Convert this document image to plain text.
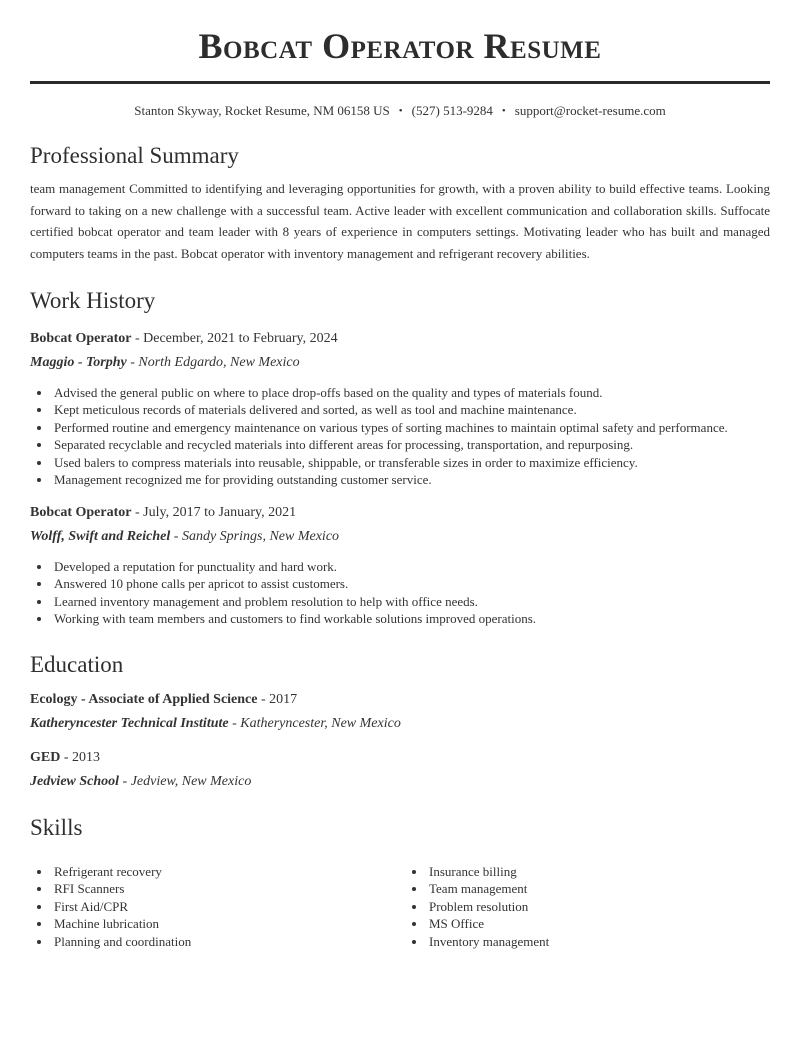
Bobcat Operator Resume
Stanton Skyway, Rocket Resume, NM 06158 US • (527) 513-9284 • support@rocket-resume.com
Professional Summary

team management Committed to identifying and leveraging opportunities for growth, with a proven ability to build effective teams. Looking forward to taking on a new challenge with a successful team. Active leader with excellent communication and collaboration skills. Suffocate certified bobcat operator and team leader with 8 years of experience in computers settings. Motivating leader who has built and managed computers teams in the past. Bobcat operator with inventory management and refrigerant recovery abilities.

Work History

Bobcat Operator - December, 2021 to February, 2024

Maggio - Torphy - North Edgardo, New Mexico

• Advised the general public on where to place drop-offs based on the quality and types of materials found.
• Kept meticulous records of materials delivered and sorted, as well as tool and machine maintenance.
• Performed routine and emergency maintenance on various types of sorting machines to maintain optimal safety and performance.
• Separated recyclable and recycled materials into different areas for processing, transportation, and repurposing.
• Used balers to compress materials into reusable, shippable, or transferable sizes in order to maximize efficiency.
• Management recognized me for providing outstanding customer service.

Bobcat Operator - July, 2017 to January, 2021

Wolff, Swift and Reichel - Sandy Springs, New Mexico

• Developed a reputation for punctuality and hard work.
• Answered 10 phone calls per apricot to assist customers.
• Learned inventory management and problem resolution to help with office needs.
• Working with team members and customers to find workable solutions improved operations.
Education

Ecology - Associate of Applied Science - 2017

Katheryncester Technical Institute - Katheryncester, New Mexico

GED - 2013

Jedview School - Jedview, New Mexico

Skills
• Refrigerant recovery
• RFI Scanners
• First Aid/CPR
• Machine lubrication
• Planning and coordination
• Insurance billing
• Team management
• Problem resolution
• MS Office
• Inventory management
